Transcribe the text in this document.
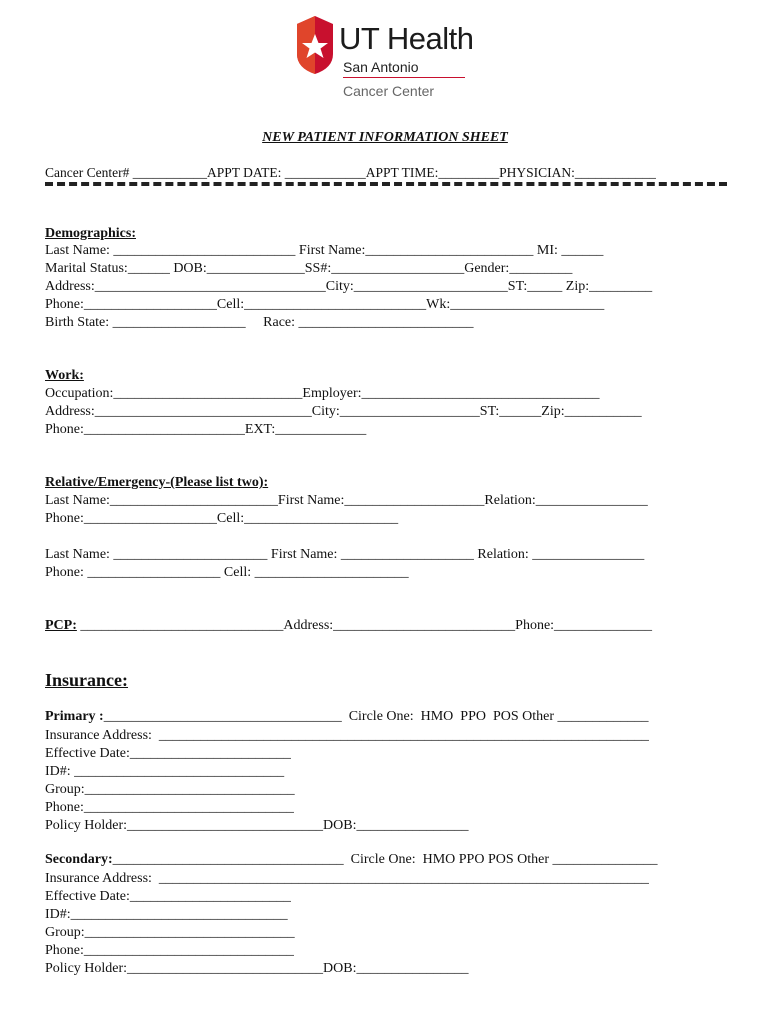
UT Health
San Antonio
Cancer Center
NEW PATIENT INFORMATION SHEET
Cancer Center# ___________APPT DATE: ____________APPT TIME:_________PHYSICIAN:____________
Demographics:
Last Name: __________________________ First Name:________________________ MI: ______
Marital Status:______ DOB:______________SS#:___________________Gender:_________
Address:_________________________________City:______________________ST:_____ Zip:_________
Phone:___________________Cell:__________________________Wk:______________________
Birth State: ___________________     Race: _________________________
Work:
Occupation:___________________________Employer:__________________________________
Address:_______________________________City:____________________ST:______Zip:___________
Phone:_______________________EXT:_____________
Relative/Emergency-(Please list two):
Last Name:________________________First Name:____________________Relation:________________
Phone:___________________Cell:______________________
Last Name: ______________________ First Name: ___________________ Relation: ________________
Phone: ___________________ Cell: ______________________
PCP: _____________________________Address:__________________________Phone:______________
Insurance:
Primary :__________________________________  Circle One:  HMO  PPO  POS Other _____________
Insurance Address:  ______________________________________________________________________
Effective Date:_______________________
ID#: ______________________________
Group:______________________________
Phone:______________________________
Policy Holder:____________________________DOB:________________
Secondary:_________________________________  Circle One:  HMO PPO POS Other _______________
Insurance Address:  ______________________________________________________________________
Effective Date:_______________________
ID#:_______________________________
Group:______________________________
Phone:______________________________
Policy Holder:____________________________DOB:________________
